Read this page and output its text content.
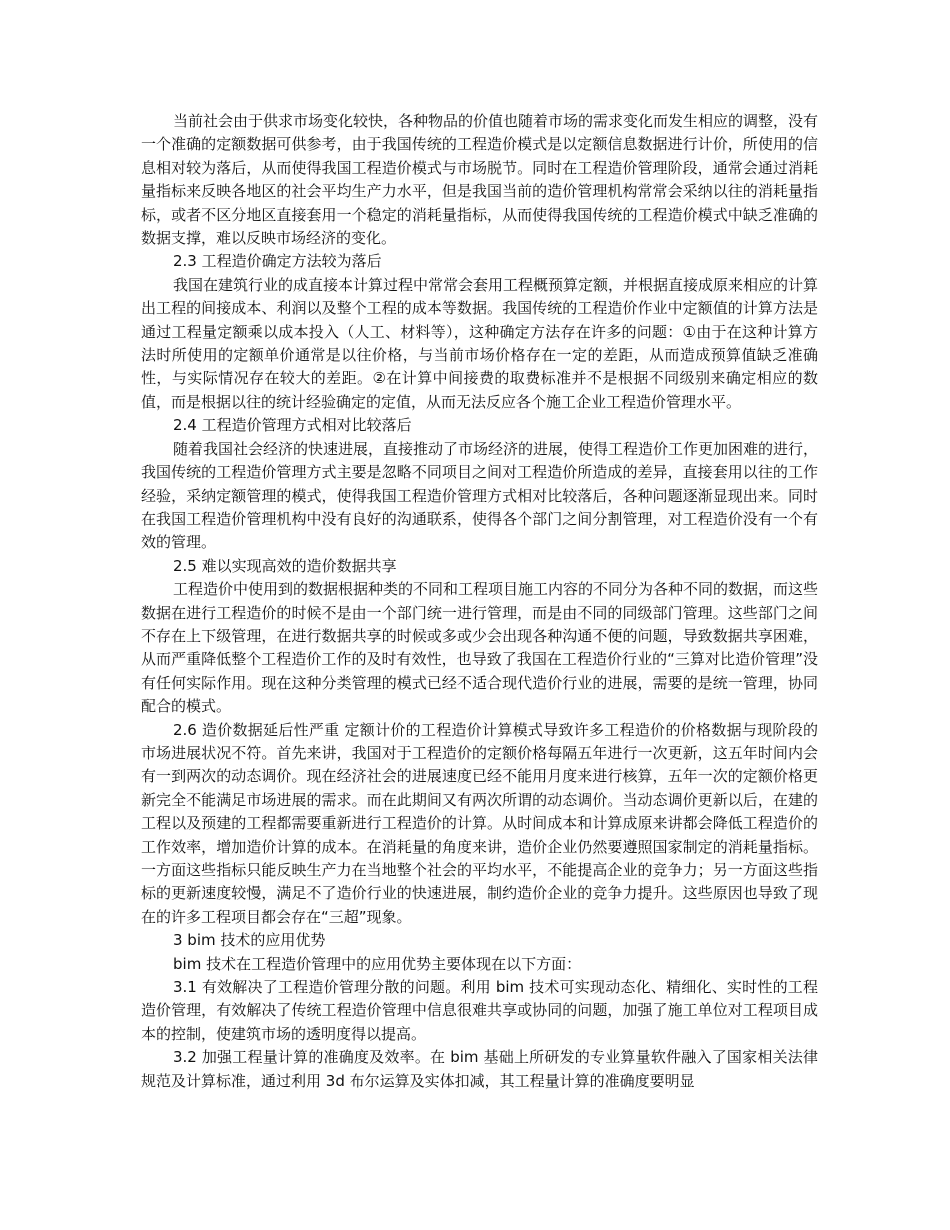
当前社会由于供求市场变化较快，各种物品的价值也随着市场的需求变化而发生相应的调整，没有一个准确的定额数据可供参考，由于我国传统的工程造价模式是以定额信息数据进行计价，所使用的信息相对较为落后，从而使得我国工程造价模式与市场脱节。同时在工程造价管理阶段，通常会通过消耗量指标来反映各地区的社会平均生产力水平，但是我国当前的造价管理机构常常会采纳以往的消耗量指标，或者不区分地区直接套用一个稳定的消耗量指标，从而使得我国传统的工程造价模式中缺乏准确的数据支撑，难以反映市场经济的变化。

2.3 工程造价确定方法较为落后

我国在建筑行业的成直接本计算过程中常常会套用工程概预算定额，并根据直接成原来相应的计算出工程的间接成本、利润以及整个工程的成本等数据。我国传统的工程造价作业中定额值的计算方法是通过工程量定额乘以成本投入（人工、材料等），这种确定方法存在许多的问题：①由于在这种计算方法时所使用的定额单价通常是以往价格，与当前市场价格存在一定的差距，从而造成预算值缺乏准确性，与实际情况存在较大的差距。②在计算中间接费的取费标准并不是根据不同级别来确定相应的数值，而是根据以往的统计经验确定的定值，从而无法反应各个施工企业工程造价管理水平。

2.4 工程造价管理方式相对比较落后

随着我国社会经济的快速进展，直接推动了市场经济的进展，使得工程造价工作更加困难的进行，我国传统的工程造价管理方式主要是忽略不同项目之间对工程造价所造成的差异，直接套用以往的工作经验，采纳定额管理的模式，使得我国工程造价管理方式相对比较落后，各种问题逐渐显现出来。同时在我国工程造价管理机构中没有良好的沟通联系，使得各个部门之间分割管理，对工程造价没有一个有效的管理。

2.5 难以实现高效的造价数据共享

工程造价中使用到的数据根据种类的不同和工程项目施工内容的不同分为各种不同的数据，而这些数据在进行工程造价的时候不是由一个部门统一进行管理，而是由不同的同级部门管理。这些部门之间不存在上下级管理，在进行数据共享的时候或多或少会出现各种沟通不便的问题，导致数据共享困难，从而严重降低整个工程造价工作的及时有效性，也导致了我国在工程造价行业的“三算对比造价管理”没有任何实际作用。现在这种分类管理的模式已经不适合现代造价行业的进展，需要的是统一管理，协同配合的模式。

2.6 造价数据延后性严重 定额计价的工程造价计算模式导致许多工程造价的价格数据与现阶段的市场进展状况不符。首先来讲，我国对于工程造价的定额价格每隔五年进行一次更新，这五年时间内会有一到两次的动态调价。现在经济社会的进展速度已经不能用月度来进行核算，五年一次的定额价格更新完全不能满足市场进展的需求。而在此期间又有两次所谓的动态调价。当动态调价更新以后，在建的工程以及预建的工程都需要重新进行工程造价的计算。从时间成本和计算成原来讲都会降低工程造价的工作效率，增加造价计算的成本。在消耗量的角度来讲，造价企业仍然要遵照国家制定的消耗量指标。一方面这些指标只能反映生产力在当地整个社会的平均水平，不能提高企业的竞争力；另一方面这些指标的更新速度较慢，满足不了造价行业的快速进展，制约造价企业的竞争力提升。这些原因也导致了现在的许多工程项目都会存在“三超”现象。

3 bim 技术的应用优势

bim 技术在工程造价管理中的应用优势主要体现在以下方面：

3.1 有效解决了工程造价管理分散的问题。利用 bim 技术可实现动态化、精细化、实时性的工程造价管理，有效解决了传统工程造价管理中信息很难共享或协同的问题，加强了施工单位对工程项目成本的控制，使建筑市场的透明度得以提高。

3.2 加强工程量计算的准确度及效率。在 bim 基础上所研发的专业算量软件融入了国家相关法律规范及计算标准，通过利用 3d 布尔运算及实体扣减，其工程量计算的准确度要明显
